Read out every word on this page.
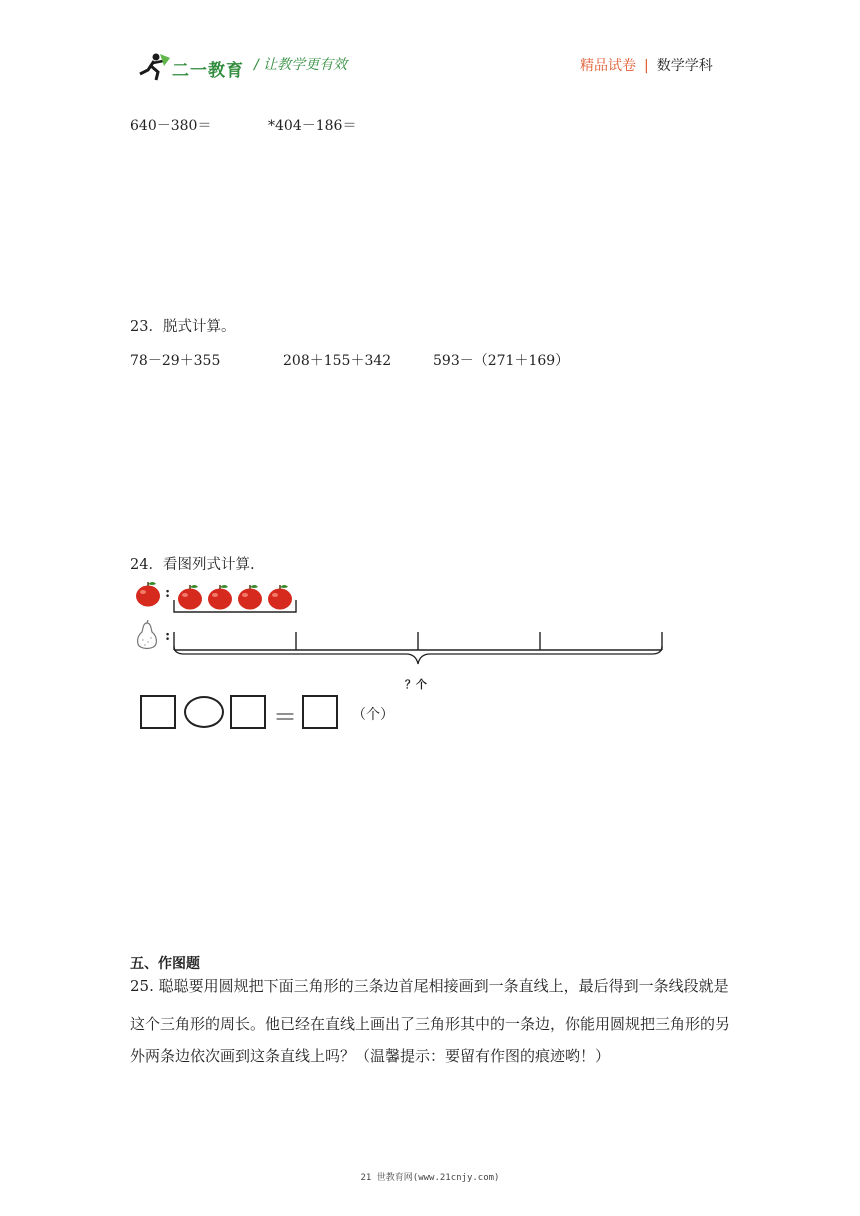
二一教育 / 让教学更有效	精品试卷 | 数学学科
640－380＝	*404－186＝
23．脱式计算。
78－29＋355	208＋155＋342	593－（271＋169）
24．看图列式计算.
:
:
？个
＝	（个）
五、作图题
25. 聪聪要用圆规把下面三角形的三条边首尾相接画到一条直线上，最后得到一条线段就是
这个三角形的周长。他已经在直线上画出了三角形其中的一条边，你能用圆规把三角形的另
外两条边依次画到这条直线上吗？（温馨提示：要留有作图的痕迹哟！）
21 世教育网(www.21cnjy.com)
